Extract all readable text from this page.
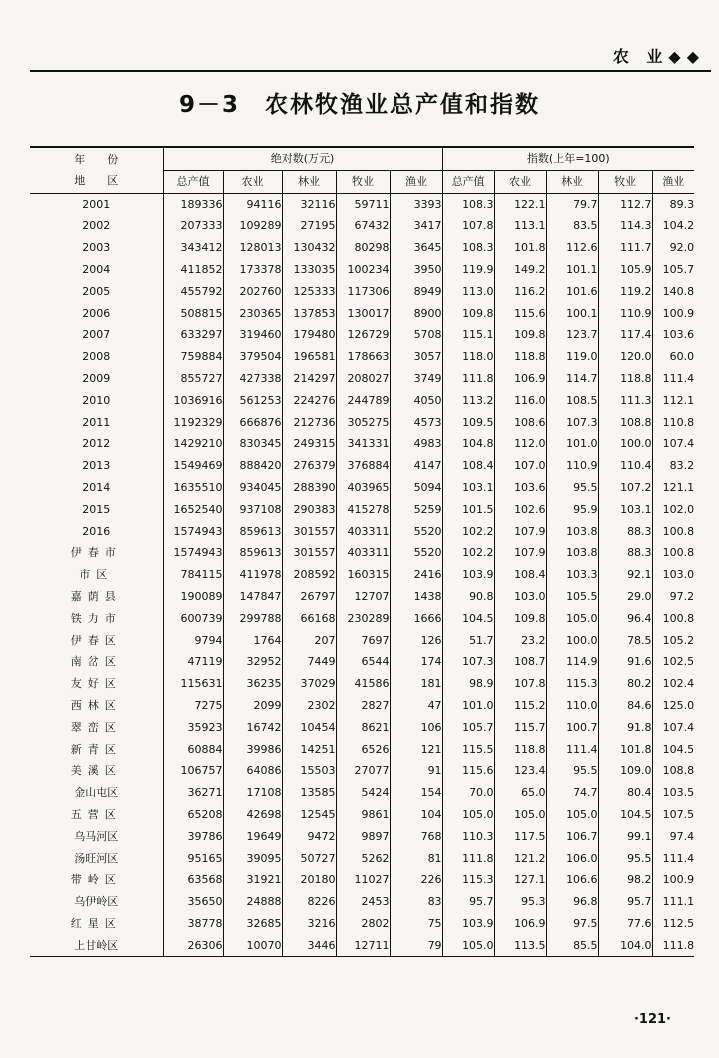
农 业◆◆
9－3　农林牧渔业总产值和指数
年　　份
地　　区	绝对数(万元)					指数(上年=100)				
	总产值	农业	林业	牧业	渔业	总产值	农业	林业	牧业	渔业
2001	189336	94116	32116	59711	3393	108.3	122.1	79.7	112.7	89.3
2002	207333	109289	27195	67432	3417	107.8	113.1	83.5	114.3	104.2
2003	343412	128013	130432	80298	3645	108.3	101.8	112.6	111.7	92.0
2004	411852	173378	133035	100234	3950	119.9	149.2	101.1	105.9	105.7
2005	455792	202760	125333	117306	8949	113.0	116.2	101.6	119.2	140.8
2006	508815	230365	137853	130017	8900	109.8	115.6	100.1	110.9	100.9
2007	633297	319460	179480	126729	5708	115.1	109.8	123.7	117.4	103.6
2008	759884	379504	196581	178663	3057	118.0	118.8	119.0	120.0	60.0
2009	855727	427338	214297	208027	3749	111.8	106.9	114.7	118.8	111.4
2010	1036916	561253	224276	244789	4050	113.2	116.0	108.5	111.3	112.1
2011	1192329	666876	212736	305275	4573	109.5	108.6	107.3	108.8	110.8
2012	1429210	830345	249315	341331	4983	104.8	112.0	101.0	100.0	107.4
2013	1549469	888420	276379	376884	4147	108.4	107.0	110.9	110.4	83.2
2014	1635510	934045	288390	403965	5094	103.1	103.6	95.5	107.2	121.1
2015	1652540	937108	290383	415278	5259	101.5	102.6	95.9	103.1	102.0
2016	1574943	859613	301557	403311	5520	102.2	107.9	103.8	88.3	100.8
伊春市	1574943	859613	301557	403311	5520	102.2	107.9	103.8	88.3	100.8
市区	784115	411978	208592	160315	2416	103.9	108.4	103.3	92.1	103.0
嘉荫县	190089	147847	26797	12707	1438	90.8	103.0	105.5	29.0	97.2
铁力市	600739	299788	66168	230289	1666	104.5	109.8	105.0	96.4	100.8
伊春区	9794	1764	207	7697	126	51.7	23.2	100.0	78.5	105.2
南岔区	47119	32952	7449	6544	174	107.3	108.7	114.9	91.6	102.5
友好区	115631	36235	37029	41586	181	98.9	107.8	115.3	80.2	102.4
西林区	7275	2099	2302	2827	47	101.0	115.2	110.0	84.6	125.0
翠峦区	35923	16742	10454	8621	106	105.7	115.7	100.7	91.8	107.4
新青区	60884	39986	14251	6526	121	115.5	118.8	111.4	101.8	104.5
美溪区	106757	64086	15503	27077	91	115.6	123.4	95.5	109.0	108.8
金山屯区	36271	17108	13585	5424	154	70.0	65.0	74.7	80.4	103.5
五营区	65208	42698	12545	9861	104	105.0	105.0	105.0	104.5	107.5
乌马河区	39786	19649	9472	9897	768	110.3	117.5	106.7	99.1	97.4
汤旺河区	95165	39095	50727	5262	81	111.8	121.2	106.0	95.5	111.4
带岭区	63568	31921	20180	11027	226	115.3	127.1	106.6	98.2	100.9
乌伊岭区	35650	24888	8226	2453	83	95.7	95.3	96.8	95.7	111.1
红星区	38778	32685	3216	2802	75	103.9	106.9	97.5	77.6	112.5
上甘岭区	26306	10070	3446	12711	79	105.0	113.5	85.5	104.0	111.8
·121·
